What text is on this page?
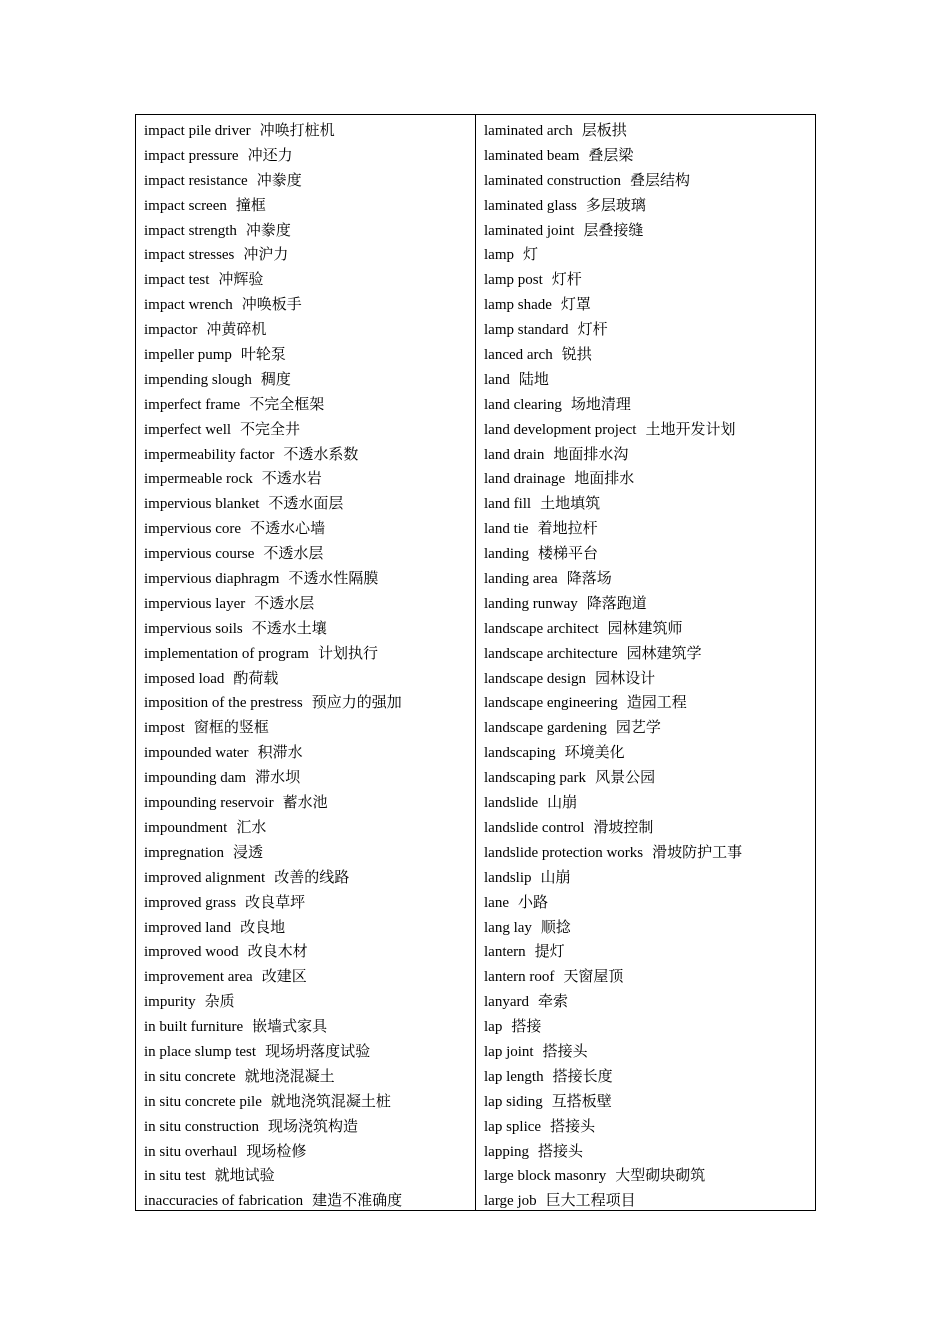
impact pile driver 冲唤打桩机
impact pressure 冲还力
impact resistance 冲豢度
impact screen 撞框
impact strength 冲豢度
impact stresses 冲沪力
impact test 冲辉验
impact wrench 冲唤板手
impactor 冲黄碎机
impeller pump 叶轮泵
impending slough 稠度
imperfect frame 不完全框架
imperfect well 不完全井
impermeability factor 不透水系数
impermeable rock 不透水岩
impervious blanket 不透水面层
impervious core 不透水心墙
impervious course 不透水层
impervious diaphragm 不透水性隔膜
impervious layer 不透水层
impervious soils 不透水土壤
implementation of program 计划执行
imposed load 酌荷载
imposition of the prestress 预应力的强加
impost 窗框的竖框
impounded water 积滞水
impounding dam 滞水坝
impounding reservoir 蓄水池
impoundment 汇水
impregnation 浸透
improved alignment 改善的线路
improved grass 改良草坪
improved land 改良地
improved wood 改良木材
improvement area 改建区
impurity 杂质
in built furniture 嵌墙式家具
in place slump test 现场坍落度试验
in situ concrete 就地浇混凝土
in situ concrete pile 就地浇筑混凝土桩
in situ construction 现场浇筑构造
in situ overhaul 现场检修
in situ test 就地试验
inaccuracies of fabrication 建造不准确度
laminated arch 层板拱
laminated beam 叠层梁
laminated construction 叠层结构
laminated glass 多层玻璃
laminated joint 层叠接缝
lamp 灯
lamp post 灯杆
lamp shade 灯罩
lamp standard 灯杆
lanced arch 锐拱
land 陆地
land clearing 场地清理
land development project 土地开发计划
land drain 地面排水沟
land drainage 地面排水
land fill 土地填筑
land tie 着地拉杆
landing 楼梯平台
landing area 降落场
landing runway 降落跑道
landscape architect 园林建筑师
landscape architecture 园林建筑学
landscape design 园林设计
landscape engineering 造园工程
landscape gardening 园艺学
landscaping 环境美化
landscaping park 风景公园
landslide 山崩
landslide control 滑坡控制
landslide protection works 滑坡防护工事
landslip 山崩
lane 小路
lang lay 顺捻
lantern 提灯
lantern roof 天窗屋顶
lanyard 牵索
lap 搭接
lap joint 搭接头
lap length 搭接长度
lap siding 互搭板壁
lap splice 搭接头
lapping 搭接头
large block masonry 大型砌块砌筑
large job 巨大工程项目
